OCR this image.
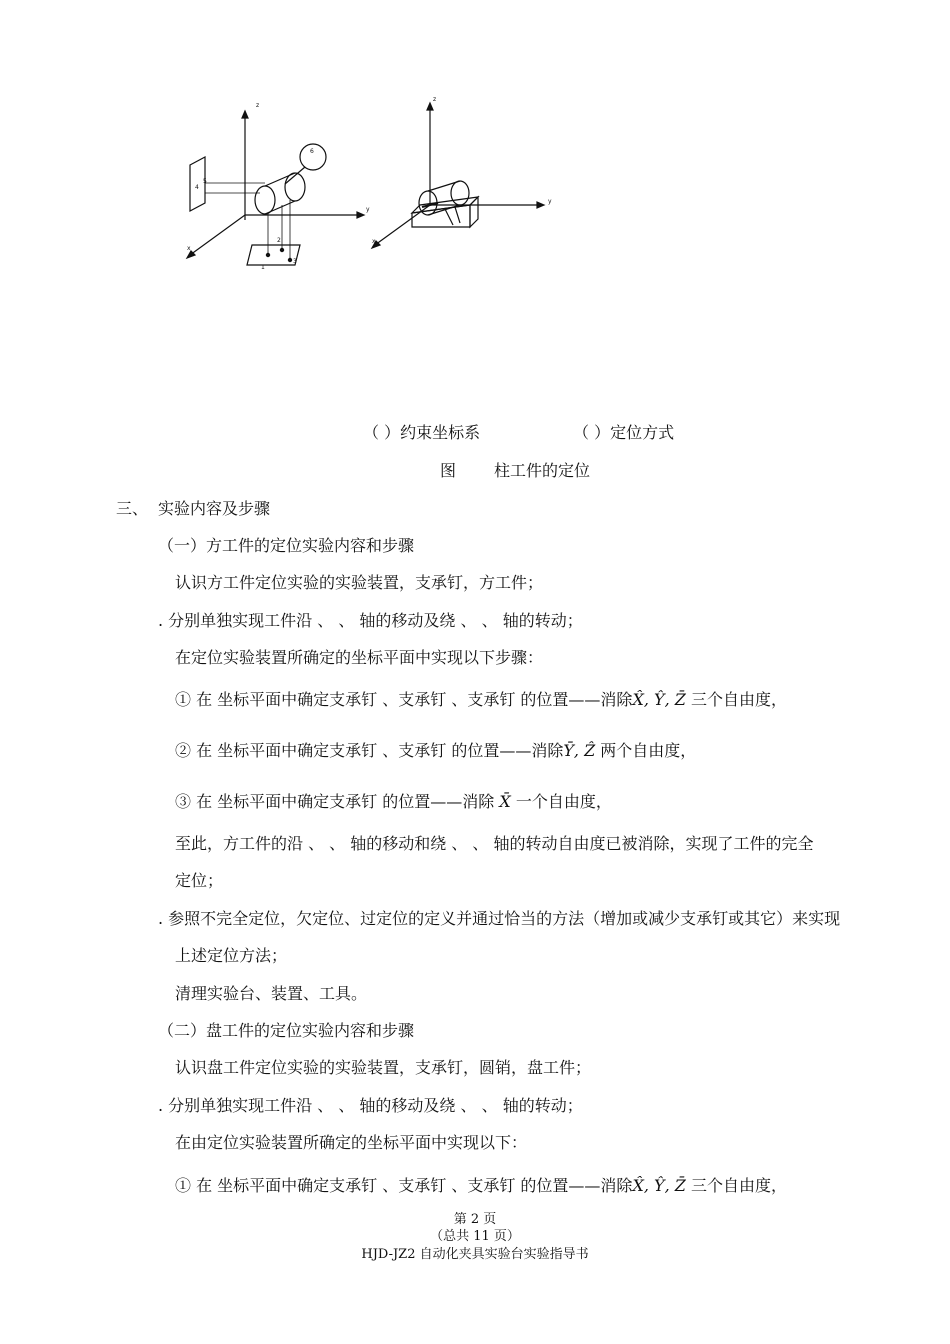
z
y
x
6
4
5
1
2
3
z
y
x
（ ）约束坐标系	（ ）定位方式
图 柱工件的定位
三、 实验内容及步骤
（一）方工件的定位实验内容和步骤
认识方工件定位实验的实验装置，支承钉，方工件；
. 分别单独实现工件沿 、 、 轴的移动及绕 、 、 轴的转动；
在定位实验装置所确定的坐标平面中实现以下步骤：
① 在 坐标平面中确定支承钉 、支承钉 、支承钉 的位置——消除X̂, Ŷ, Z̄ 三个自由度，
② 在 坐标平面中确定支承钉 、支承钉 的位置——消除Ȳ, Ẑ 两个自由度，
③ 在 坐标平面中确定支承钉 的位置——消除 X̄ 一个自由度，
至此，方工件的沿 、 、 轴的移动和绕 、 、 轴的转动自由度已被消除，实现了工件的完全
定位；
. 参照不完全定位，欠定位、过定位的定义并通过恰当的方法（增加或减少支承钉或其它）来实现
上述定位方法；
清理实验台、装置、工具。
（二）盘工件的定位实验内容和步骤
认识盘工件定位实验的实验装置，支承钉，圆销，盘工件；
. 分别单独实现工件沿 、 、 轴的移动及绕 、 、 轴的转动；
在由定位实验装置所确定的坐标平面中实现以下：
① 在 坐标平面中确定支承钉 、支承钉 、支承钉 的位置——消除X̂, Ŷ, Z̄ 三个自由度，
第 2 页
（总共 11 页）
HJD-JZ2 自动化夹具实验台实验指导书
